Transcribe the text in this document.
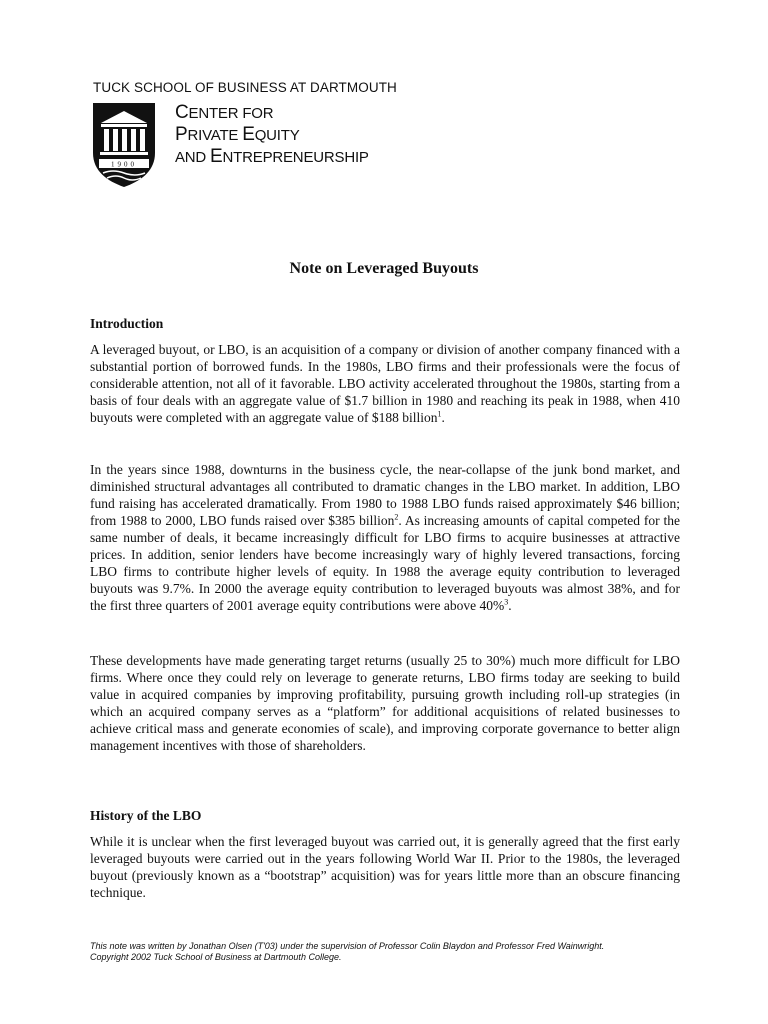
TUCK SCHOOL OF BUSINESS AT DARTMOUTH
1900
CENTER FOR
PRIVATE EQUITY
AND ENTREPRENEURSHIP
Note on Leveraged Buyouts
Introduction
A leveraged buyout, or LBO, is an acquisition of a company or division of another company financed with a substantial portion of borrowed funds. In the 1980s, LBO firms and their professionals were the focus of considerable attention, not all of it favorable. LBO activity accelerated throughout the 1980s, starting from a basis of four deals with an aggregate value of $1.7 billion in 1980 and reaching its peak in 1988, when 410 buyouts were completed with an aggregate value of $188 billion$^1$.
In the years since 1988, downturns in the business cycle, the near-collapse of the junk bond market, and diminished structural advantages all contributed to dramatic changes in the LBO market. In addition, LBO fund raising has accelerated dramatically. From 1980 to 1988 LBO funds raised approximately $46 billion; from 1988 to 2000, LBO funds raised over $385 billion$^2$. As increasing amounts of capital competed for the same number of deals, it became increasingly difficult for LBO firms to acquire businesses at attractive prices. In addition, senior lenders have become increasingly wary of highly levered transactions, forcing LBO firms to contribute higher levels of equity. In 1988 the average equity contribution to leveraged buyouts was 9.7%. In 2000 the average equity contribution to leveraged buyouts was almost 38%, and for the first three quarters of 2001 average equity contributions were above 40%$^3$.
These developments have made generating target returns (usually 25 to 30%) much more difficult for LBO firms. Where once they could rely on leverage to generate returns, LBO firms today are seeking to build value in acquired companies by improving profitability, pursuing growth including roll-up strategies (in which an acquired company serves as a “platform” for additional acquisitions of related businesses to achieve critical mass and generate economies of scale), and improving corporate governance to better align management incentives with those of shareholders.
History of the LBO
While it is unclear when the first leveraged buyout was carried out, it is generally agreed that the first early leveraged buyouts were carried out in the years following World War II. Prior to the 1980s, the leveraged buyout (previously known as a “bootstrap” acquisition) was for years little more than an obscure financing technique.
This note was written by Jonathan Olsen (T'03) under the supervision of Professor Colin Blaydon and Professor Fred Wainwright.
Copyright 2002 Tuck School of Business at Dartmouth College.
